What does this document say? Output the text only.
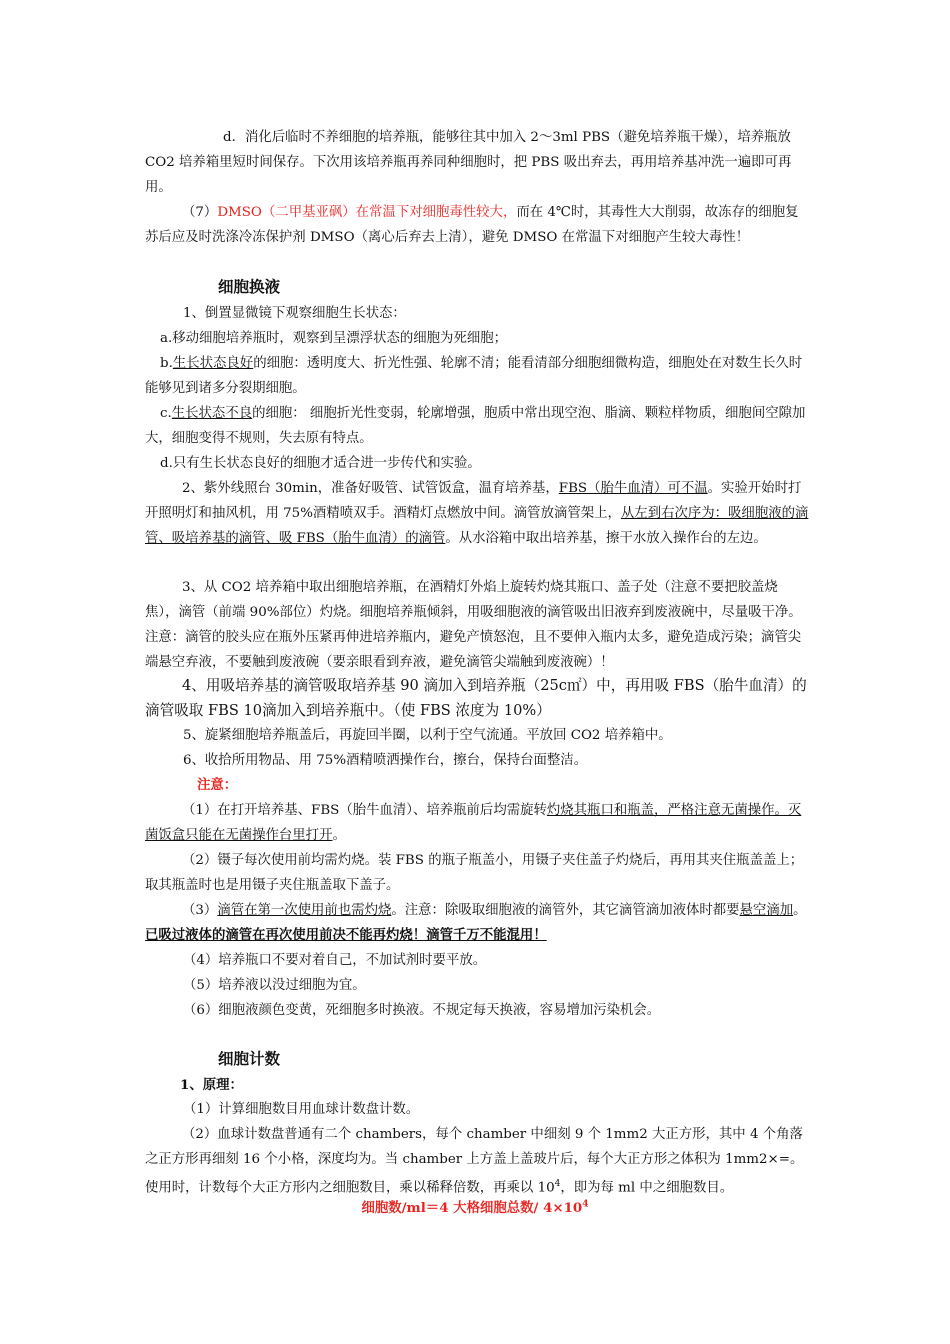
d．消化后临时不养细胞的培养瓶，能够往其中加入 2～3ml PBS（避免培养瓶干燥），培养瓶放 CO2 培养箱里短时间保存。下次用该培养瓶再养同种细胞时，把 PBS 吸出弃去，再用培养基冲洗一遍即可再用。

（7）DMSO（二甲基亚砜）在常温下对细胞毒性较大，而在 4℃时，其毒性大大削弱，故冻存的细胞复苏后应及时洗涤冷冻保护剂 DMSO（离心后弃去上清），避免 DMSO 在常温下对细胞产生较大毒性！

细胞换液

1、倒置显微镜下观察细胞生长状态：

a.移动细胞培养瓶时，观察到呈漂浮状态的细胞为死细胞；

b.生长状态良好的细胞：透明度大、折光性强、轮廓不清；能看清部分细胞细微构造，细胞处在对数生长久时能够见到诸多分裂期细胞。

c.生长状态不良的细胞： 细胞折光性变弱，轮廓增强，胞质中常出现空泡、脂滴、颗粒样物质，细胞间空隙加大，细胞变得不规则，失去原有特点。

d.只有生长状态良好的细胞才适合进一步传代和实验。

2、紫外线照台 30min，准备好吸管、试管饭盒，温育培养基，FBS（胎牛血清）可不温。实验开始时打开照明灯和抽风机，用 75%酒精喷双手。酒精灯点燃放中间。滴管放滴管架上，从左到右次序为：吸细胞液的滴管、吸培养基的滴管、吸 FBS（胎牛血清）的滴管。从水浴箱中取出培养基，擦干水放入操作台的左边。

3、从 CO2 培养箱中取出细胞培养瓶，在酒精灯外焰上旋转灼烧其瓶口、盖子处（注意不要把胶盖烧焦），滴管（前端 90%部位）灼烧。细胞培养瓶倾斜，用吸细胞液的滴管吸出旧液弃到废液碗中，尽量吸干净。注意：滴管的胶头应在瓶外压紧再伸进培养瓶内，避免产愤怒泡，且不要伸入瓶内太多，避免造成污染；滴管尖端悬空弃液，不要触到废液碗（要亲眼看到弃液，避免滴管尖端触到废液碗）！

4、用吸培养基的滴管吸取培养基 90 滴加入到培养瓶（25c㎡）中，再用吸 FBS（胎牛血清）的滴管吸取 FBS 10滴加入到培养瓶中。（使 FBS 浓度为 10%）

5、旋紧细胞培养瓶盖后，再旋回半圈，以利于空气流通。平放回 CO2 培养箱中。

6、收拾所用物品、用 75%酒精喷洒操作台，擦台，保持台面整洁。

注意：

（1）在打开培养基、FBS（胎牛血清）、培养瓶前后均需旋转灼烧其瓶口和瓶盖，严格注意无菌操作。灭菌饭盒只能在无菌操作台里打开。

（2）镊子每次使用前均需灼烧。装 FBS 的瓶子瓶盖小，用镊子夹住盖子灼烧后，再用其夹住瓶盖盖上；取其瓶盖时也是用镊子夹住瓶盖取下盖子。

（3）滴管在第一次使用前也需灼烧。注意：除吸取细胞液的滴管外，其它滴管滴加液体时都要悬空滴加。已吸过液体的滴管在再次使用前决不能再灼烧！滴管千万不能混用！

（4）培养瓶口不要对着自己，不加试剂时要平放。

（5）培养液以没过细胞为宜。

（6）细胞液颜色变黄，死细胞多时换液。不规定每天换液，容易增加污染机会。

细胞计数

1、原理：

（1）计算细胞数目用血球计数盘计数。

（2）血球计数盘普通有二个 chambers，每个 chamber 中细刻 9 个 1mm2 大正方形，其中 4 个角落之正方形再细刻 16 个小格，深度均为。当 chamber 上方盖上盖玻片后，每个大正方形之体积为 1mm2×=。使用时，计数每个大正方形内之细胞数目，乘以稀释倍数，再乘以 $10^4$，即为每 ml 中之细胞数目。

细胞数/ml＝4 大格细胞总数/ $4\times 10^4$
